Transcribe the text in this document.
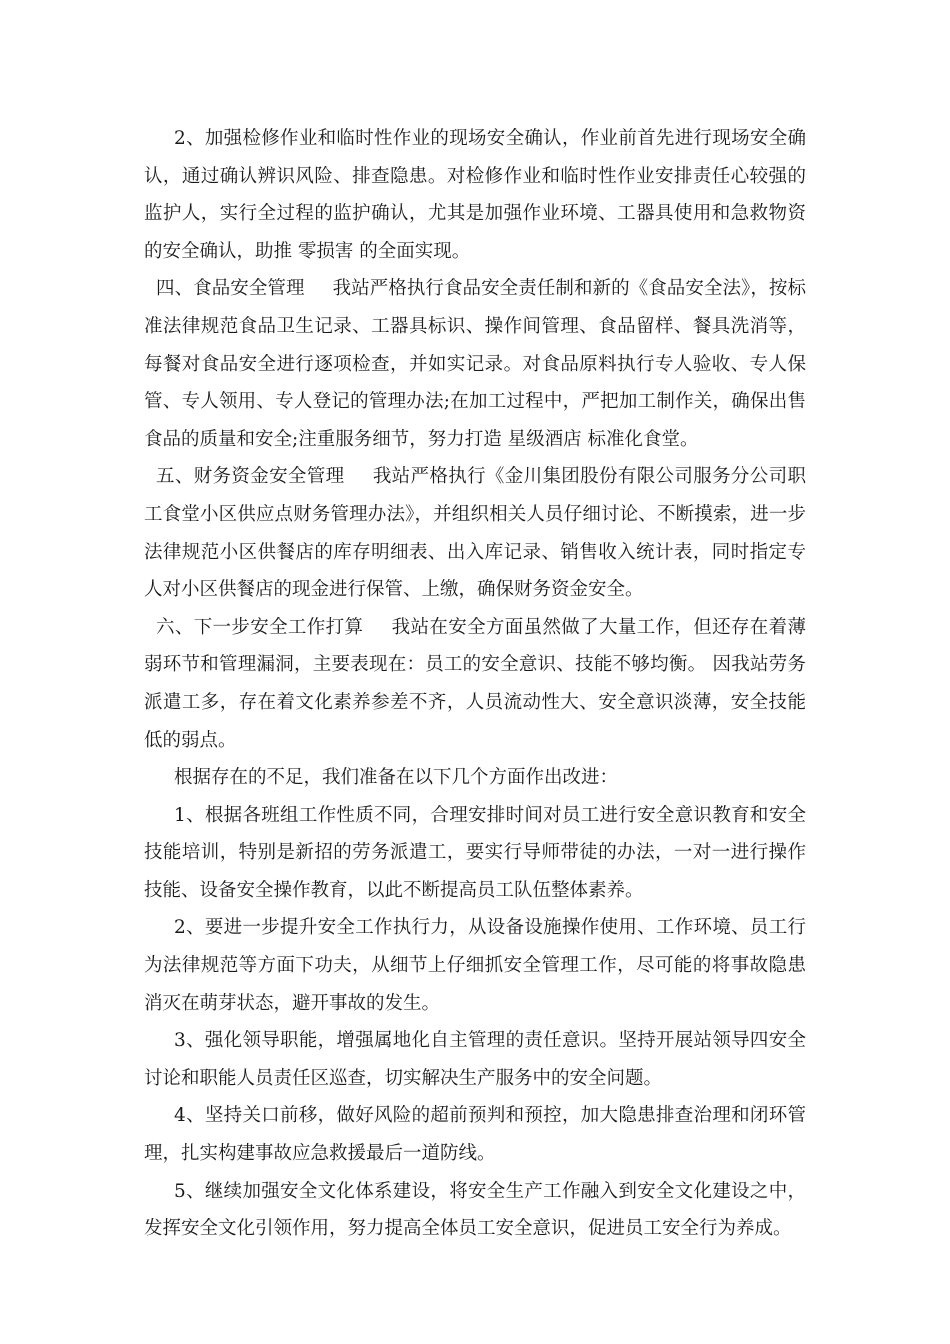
2、加强检修作业和临时性作业的现场安全确认，作业前首先进行现场安全确认，通过确认辨识风险、排查隐患。对检修作业和临时性作业安排责任心较强的监护人，实行全过程的监护确认，尤其是加强作业环境、工器具使用和急救物资的安全确认，助推 零损害 的全面实现。

四、食品安全管理 我站严格执行食品安全责任制和新的《食品安全法》，按标准法律规范食品卫生记录、工器具标识、操作间管理、食品留样、餐具洗消等，每餐对食品安全进行逐项检查，并如实记录。对食品原料执行专人验收、专人保管、专人领用、专人登记的管理办法;在加工过程中，严把加工制作关，确保出售食品的质量和安全;注重服务细节，努力打造 星级酒店 标准化食堂。

五、财务资金安全管理 我站严格执行《金川集团股份有限公司服务分公司职工食堂小区供应点财务管理办法》，并组织相关人员仔细讨论、不断摸索，进一步法律规范小区供餐店的库存明细表、出入库记录、销售收入统计表，同时指定专人对小区供餐店的现金进行保管、上缴，确保财务资金安全。

六、下一步安全工作打算 我站在安全方面虽然做了大量工作，但还存在着薄弱环节和管理漏洞，主要表现在：员工的安全意识、技能不够均衡。 因我站劳务派遣工多，存在着文化素养参差不齐，人员流动性大、安全意识淡薄，安全技能低的弱点。

根据存在的不足，我们准备在以下几个方面作出改进：

1、根据各班组工作性质不同，合理安排时间对员工进行安全意识教育和安全技能培训，特别是新招的劳务派遣工，要实行导师带徒的办法，一对一进行操作技能、设备安全操作教育，以此不断提高员工队伍整体素养。

2、要进一步提升安全工作执行力，从设备设施操作使用、工作环境、员工行为法律规范等方面下功夫，从细节上仔细抓安全管理工作，尽可能的将事故隐患消灭在萌芽状态，避开事故的发生。

3、强化领导职能，增强属地化自主管理的责任意识。坚持开展站领导四安全讨论和职能人员责任区巡查，切实解决生产服务中的安全问题。

4、坚持关口前移，做好风险的超前预判和预控，加大隐患排查治理和闭环管理，扎实构建事故应急救援最后一道防线。

5、继续加强安全文化体系建设，将安全生产工作融入到安全文化建设之中，发挥安全文化引领作用，努力提高全体员工安全意识，促进员工安全行为养成。
